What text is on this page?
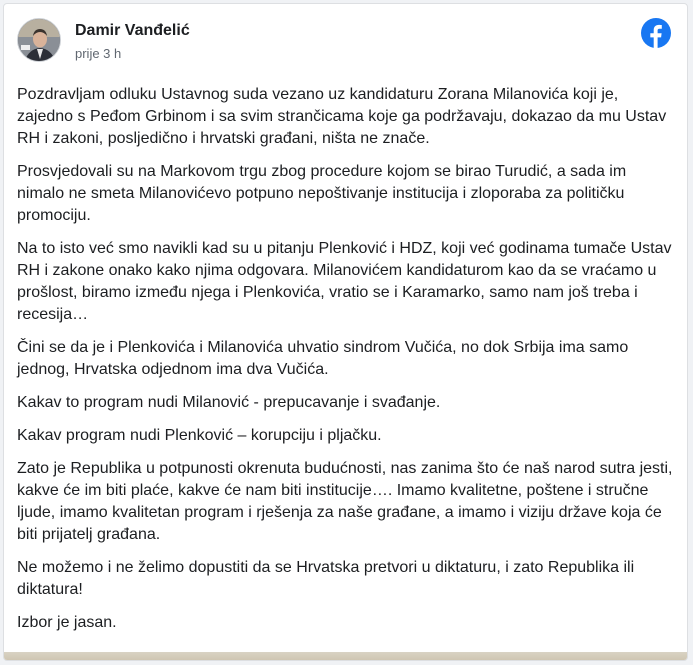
Damir Vanđelić
prije 3 h

Pozdravljam odluku Ustavnog suda vezano uz kandidaturu Zorana Milanovića koji je, zajedno s Peđom Grbinom i sa svim strančicama koje ga podržavaju, dokazao da mu Ustav RH i zakoni, posljedično i hrvatski građani, ništa ne znače.

Prosvjedovali su na Markovom trgu zbog procedure kojom se birao Turudić, a sada im nimalo ne smeta Milanovićevo potpuno nepoštivanje institucija i zloporaba za političku promociju.

Na to isto već smo navikli kad su u pitanju Plenković i HDZ, koji već godinama tumače Ustav RH i zakone onako kako njima odgovara. Milanovićem kandidaturom kao da se vraćamo u prošlost, biramo između njega i Plenkovića, vratio se i Karamarko, samo nam još treba i recesija…

Čini se da je i Plenkovića i Milanovića uhvatio sindrom Vučića, no dok Srbija ima samo jednog, Hrvatska odjednom ima dva Vučića.

Kakav to program nudi Milanović - prepucavanje i svađanje.

Kakav program nudi Plenković – korupciju i pljačku.

Zato je Republika u potpunosti okrenuta budućnosti, nas zanima što će naš narod sutra jesti, kakve će im biti plaće, kakve će nam biti institucije…. Imamo kvalitetne, poštene i stručne ljude, imamo kvalitetan program i rješenja za naše građane, a imamo i viziju države koja će biti prijatelj građana.

Ne možemo i ne želimo dopustiti da se Hrvatska pretvori u diktaturu, i zato Republika ili diktatura!

Izbor je jasan.
